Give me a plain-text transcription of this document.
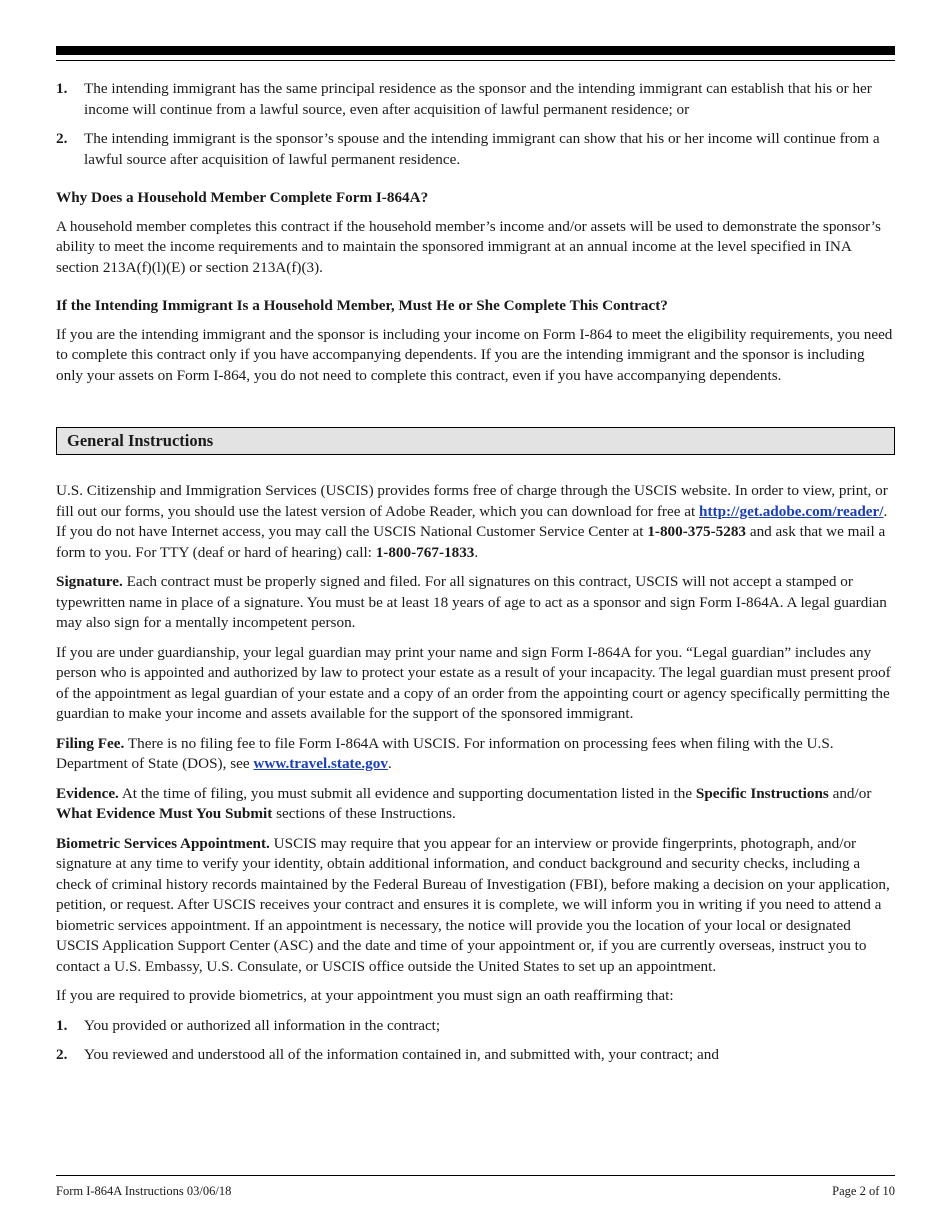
1. The intending immigrant has the same principal residence as the sponsor and the intending immigrant can establish that his or her income will continue from a lawful source, even after acquisition of lawful permanent residence; or
2. The intending immigrant is the sponsor’s spouse and the intending immigrant can show that his or her income will continue from a lawful source after acquisition of lawful permanent residence.
Why Does a Household Member Complete Form I-864A?

A household member completes this contract if the household member’s income and/or assets will be used to demonstrate the sponsor’s ability to meet the income requirements and to maintain the sponsored immigrant at an annual income at the level specified in INA section 213A(f)(l)(E) or section 213A(f)(3).

If the Intending Immigrant Is a Household Member, Must He or She Complete This Contract?

If you are the intending immigrant and the sponsor is including your income on Form I-864 to meet the eligibility requirements, you need to complete this contract only if you have accompanying dependents. If you are the intending immigrant and the sponsor is including only your assets on Form I-864, you do not need to complete this contract, even if you have accompanying dependents.

General Instructions

U.S. Citizenship and Immigration Services (USCIS) provides forms free of charge through the USCIS website. In order to view, print, or fill out our forms, you should use the latest version of Adobe Reader, which you can download for free at http://get.adobe.com/reader/. If you do not have Internet access, you may call the USCIS National Customer Service Center at 1-800-375-5283 and ask that we mail a form to you. For TTY (deaf or hard of hearing) call: 1-800-767-1833.

Signature. Each contract must be properly signed and filed. For all signatures on this contract, USCIS will not accept a stamped or typewritten name in place of a signature. You must be at least 18 years of age to act as a sponsor and sign Form I-864A. A legal guardian may also sign for a mentally incompetent person.

If you are under guardianship, your legal guardian may print your name and sign Form I-864A for you. “Legal guardian” includes any person who is appointed and authorized by law to protect your estate as a result of your incapacity. The legal guardian must present proof of the appointment as legal guardian of your estate and a copy of an order from the appointing court or agency specifically permitting the guardian to make your income and assets available for the support of the sponsored immigrant.

Filing Fee. There is no filing fee to file Form I-864A with USCIS. For information on processing fees when filing with the U.S. Department of State (DOS), see www.travel.state.gov.

Evidence. At the time of filing, you must submit all evidence and supporting documentation listed in the Specific Instructions and/or What Evidence Must You Submit sections of these Instructions.

Biometric Services Appointment. USCIS may require that you appear for an interview or provide fingerprints, photograph, and/or signature at any time to verify your identity, obtain additional information, and conduct background and security checks, including a check of criminal history records maintained by the Federal Bureau of Investigation (FBI), before making a decision on your application, petition, or request. After USCIS receives your contract and ensures it is complete, we will inform you in writing if you need to attend a biometric services appointment. If an appointment is necessary, the notice will provide you the location of your local or designated USCIS Application Support Center (ASC) and the date and time of your appointment or, if you are currently overseas, instruct you to contact a U.S. Embassy, U.S. Consulate, or USCIS office outside the United States to set up an appointment.

If you are required to provide biometrics, at your appointment you must sign an oath reaffirming that:

1. You provided or authorized all information in the contract;
2. You reviewed and understood all of the information contained in, and submitted with, your contract; and
Form I-864A Instructions 03/06/18	Page 2 of 10
